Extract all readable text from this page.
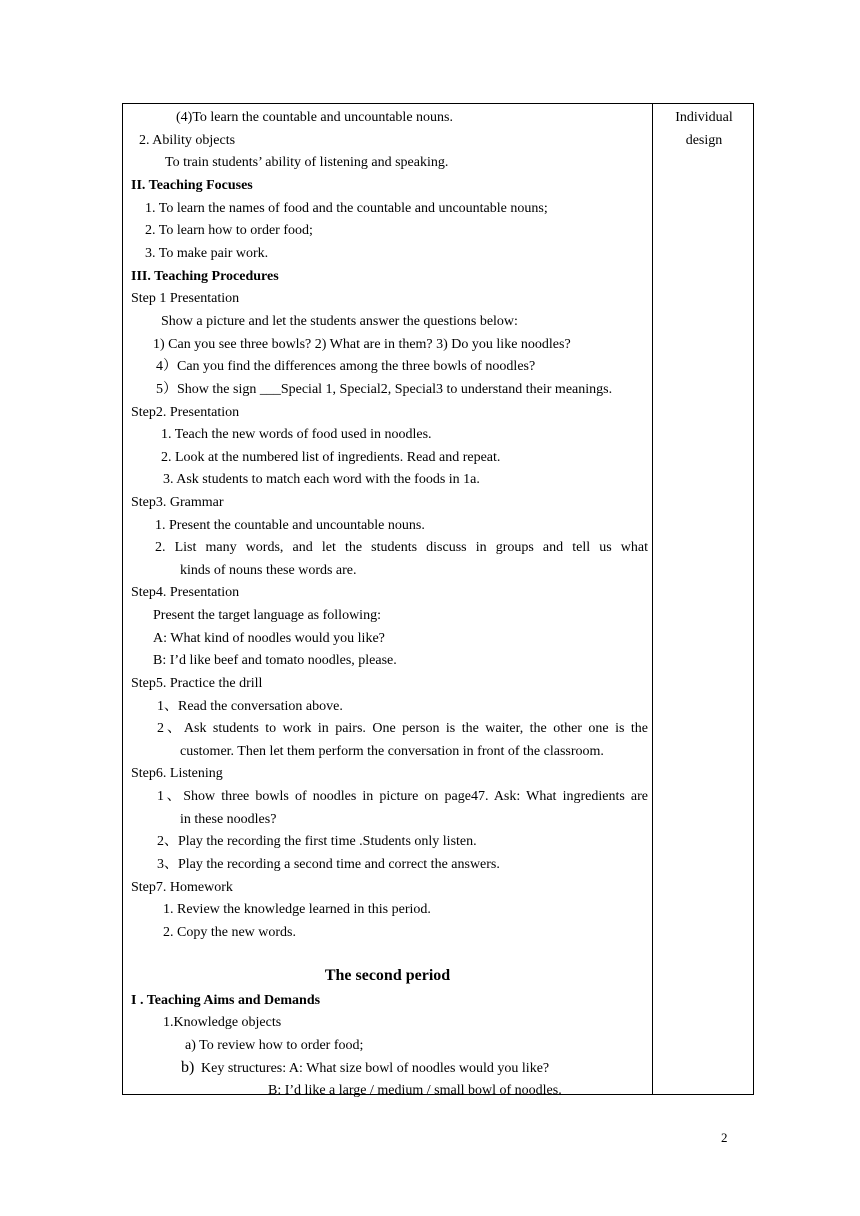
Individual
design
(4)To learn the countable and uncountable nouns.
2. Ability objects
To train students’ ability of listening and speaking.
II. Teaching Focuses
1. To learn the names of food and the countable and uncountable nouns;
2. To learn how to order food;
3. To make pair work.
III. Teaching Procedures
Step 1 Presentation
Show a picture and let the students answer the questions below:
1) Can you see three bowls? 2) What are in them? 3) Do you like noodles?
4）Can you find the differences among the three bowls of noodles?
5）Show the sign ___Special 1, Special2, Special3 to understand their meanings.
Step2. Presentation
1. Teach the new words of food used in noodles.
2. Look at the numbered list of ingredients. Read and repeat.
3. Ask students to match each word with the foods in 1a.
Step3. Grammar
1. Present the countable and uncountable nouns.
2. List many words, and let the students discuss in groups and tell us what
kinds of nouns these words are.
Step4. Presentation
Present the target language as following:
A: What kind of noodles would you like?
B: I’d like beef and tomato noodles, please.
Step5. Practice the drill
1、Read the conversation above.
2、Ask students to work in pairs. One person is the waiter, the other one is the
customer. Then let them perform the conversation in front of the classroom.
Step6. Listening
1、Show three bowls of noodles in picture on page47. Ask: What ingredients are
in these noodles?
2、Play the recording the first time .Students only listen.
3、Play the recording a second time and correct the answers.
Step7. Homework
1. Review the knowledge learned in this period.
2. Copy the new words.
The second period
I . Teaching Aims and Demands
1.Knowledge objects
a) To review how to order food;
b) Key structures: A: What size bowl of noodles would you like?
B: I’d like a large / medium / small bowl of noodles.
2
